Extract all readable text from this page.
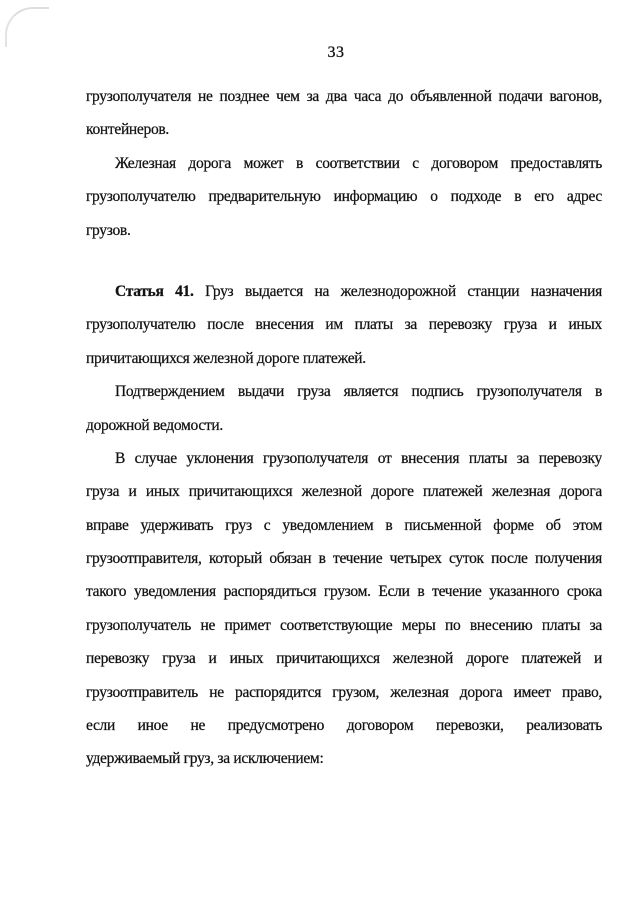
33
грузополучателя не позднее чем за два часа до объявленной подачи вагонов,
контейнеров.
Железная дорога может в соответствии с договором предоставлять
грузополучателю предварительную информацию о подходе в его адрес
грузов.
Статья 41. Груз выдается на железнодорожной станции назначения
грузополучателю после внесения им платы за перевозку груза и иных
причитающихся железной дороге платежей.
Подтверждением выдачи груза является подпись грузополучателя в
дорожной ведомости.
В случае уклонения грузополучателя от внесения платы за перевозку
груза и иных причитающихся железной дороге платежей железная дорога
вправе удерживать груз с уведомлением в письменной форме об этом
грузоотправителя, который обязан в течение четырех суток после получения
такого уведомления распорядиться грузом. Если в течение указанного срока
грузополучатель не примет соответствующие меры по внесению платы за
перевозку груза и иных причитающихся железной дороге платежей и
грузоотправитель не распорядится грузом, железная дорога имеет право,
если иное не предусмотрено договором перевозки, реализовать
удерживаемый груз, за исключением:
